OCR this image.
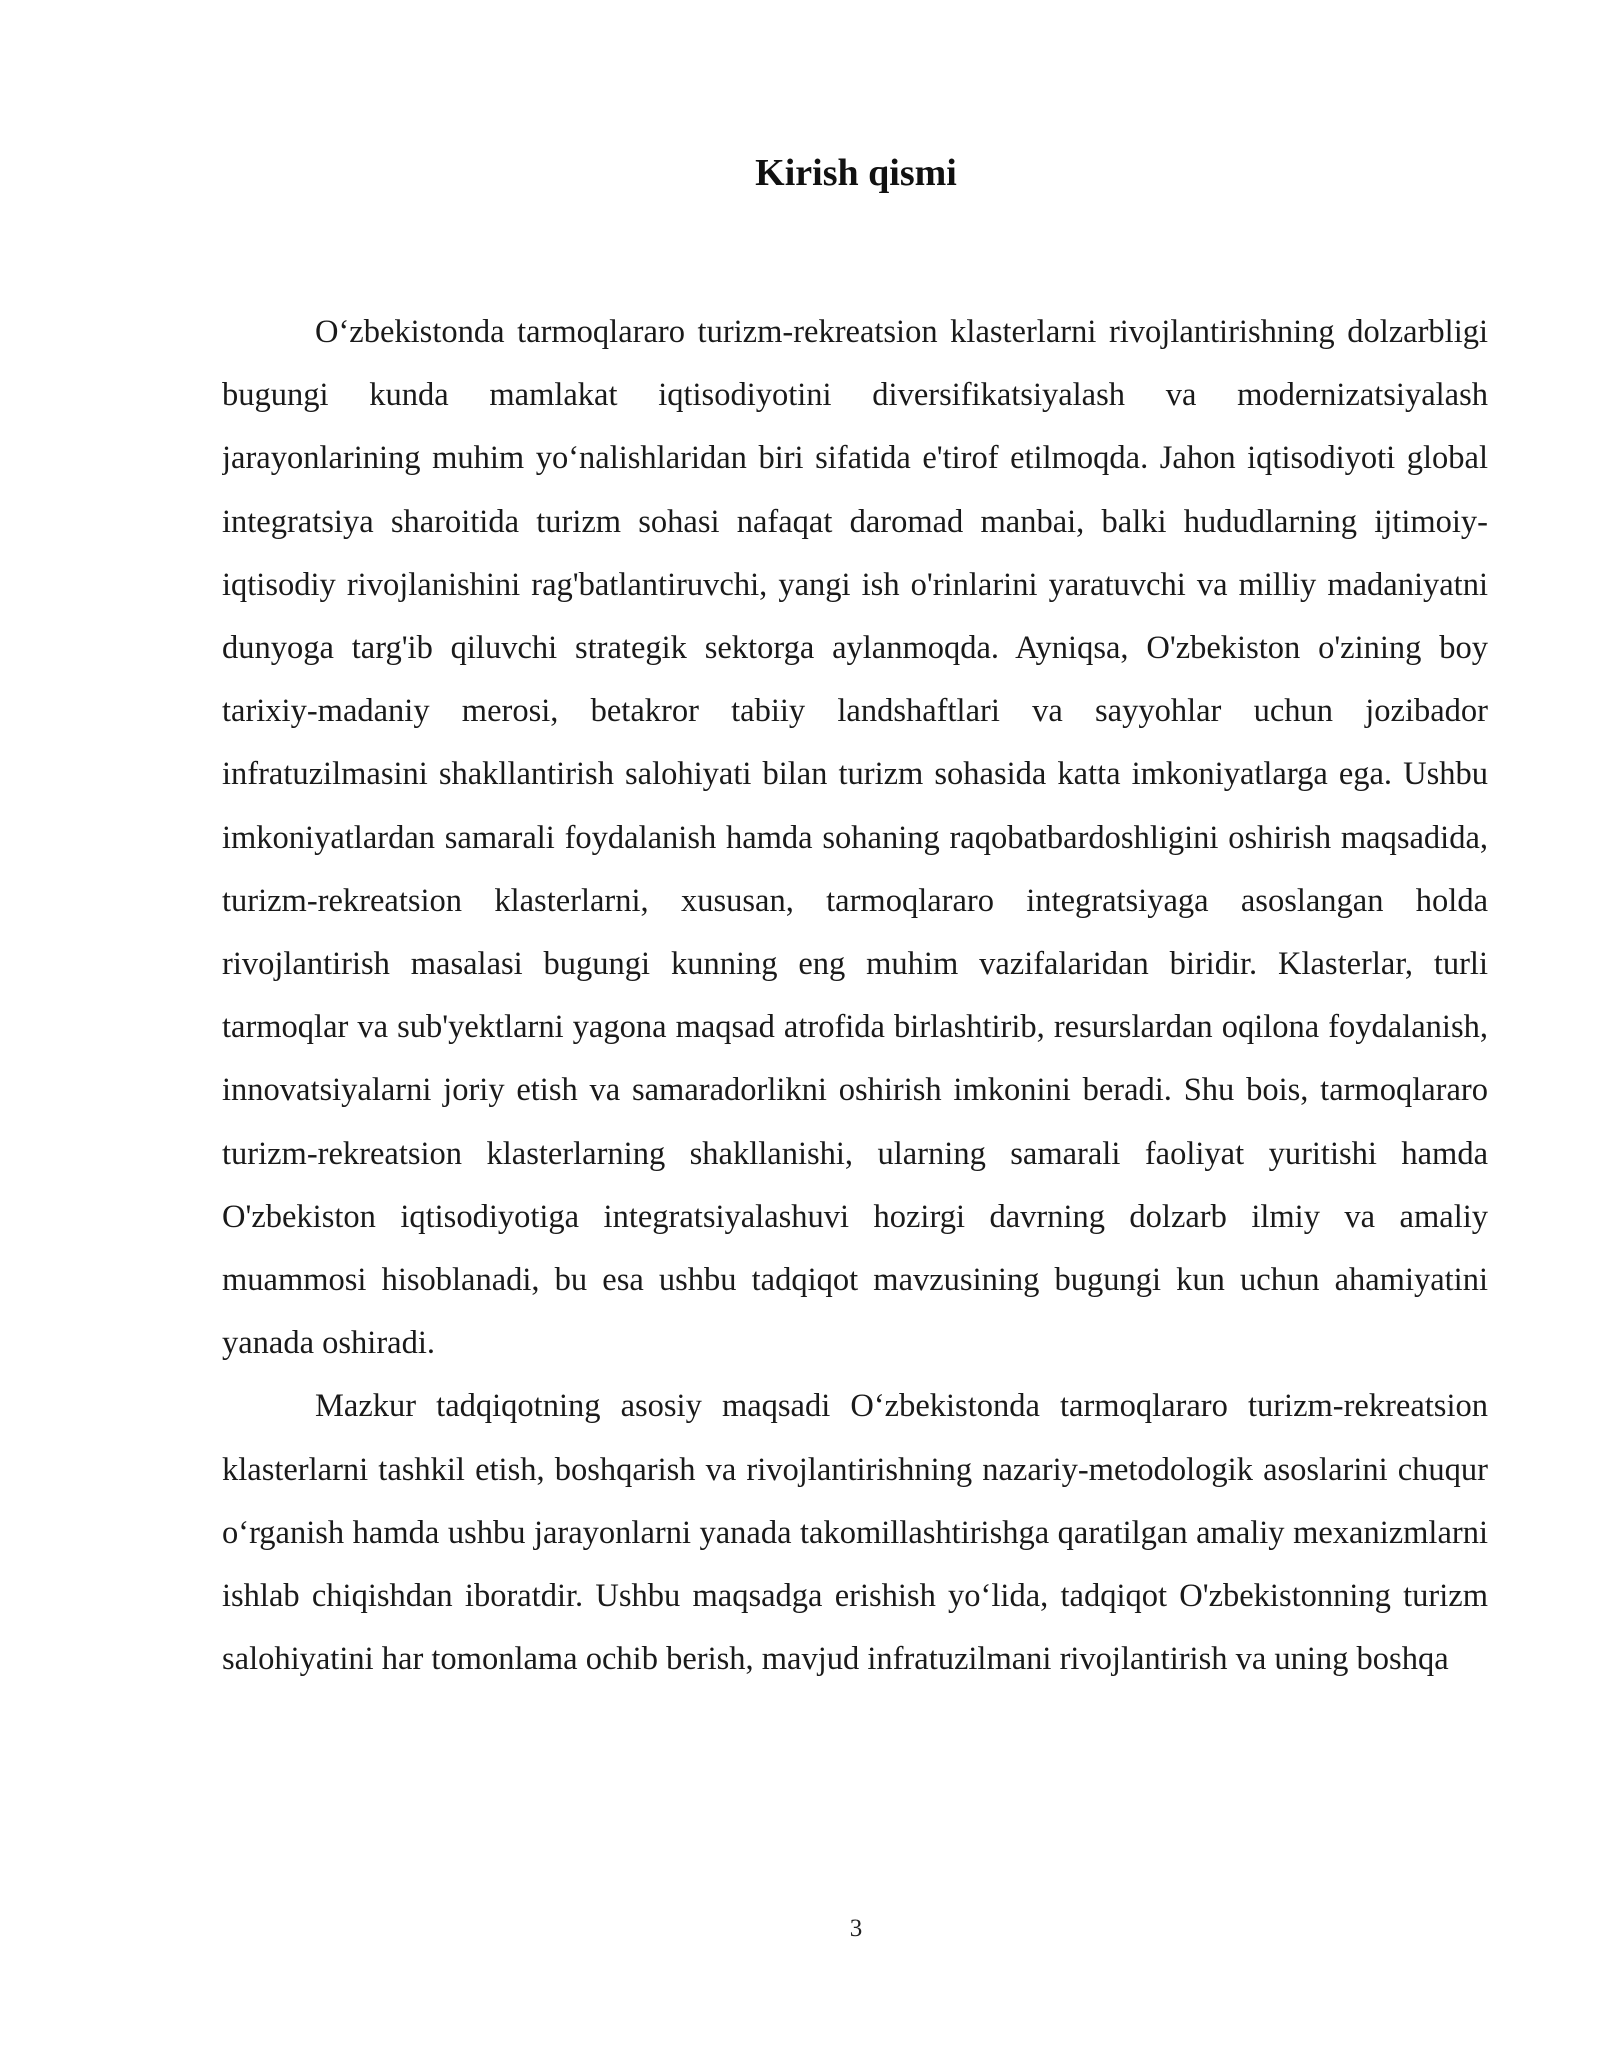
Kirish qismi

O‘zbekistonda tarmoqlararo turizm-rekreatsion klasterlarni rivojlantirishning dolzarbligi bugungi kunda mamlakat iqtisodiyotini diversifikatsiyalash va modernizatsiyalash jarayonlarining muhim yo‘nalishlaridan biri sifatida e'tirof etilmoqda. Jahon iqtisodiyoti global integratsiya sharoitida turizm sohasi nafaqat daromad manbai, balki hududlarning ijtimoiy-iqtisodiy rivojlanishini rag'batlantiruvchi, yangi ish o'rinlarini yaratuvchi va milliy madaniyatni dunyoga targ'ib qiluvchi strategik sektorga aylanmoqda. Ayniqsa, O'zbekiston o'zining boy tarixiy-madaniy merosi, betakror tabiiy landshaftlari va sayyohlar uchun jozibador infratuzilmasini shakllantirish salohiyati bilan turizm sohasida katta imkoniyatlarga ega. Ushbu imkoniyatlardan samarali foydalanish hamda sohaning raqobatbardoshligini oshirish maqsadida, turizm-rekreatsion klasterlarni, xususan, tarmoqlararo integratsiyaga asoslangan holda rivojlantirish masalasi bugungi kunning eng muhim vazifalaridan biridir. Klasterlar, turli tarmoqlar va sub'yektlarni yagona maqsad atrofida birlashtirib, resurslardan oqilona foydalanish, innovatsiyalarni joriy etish va samaradorlikni oshirish imkonini beradi. Shu bois, tarmoqlararo turizm-rekreatsion klasterlarning shakllanishi, ularning samarali faoliyat yuritishi hamda O'zbekiston iqtisodiyotiga integratsiyalashuvi hozirgi davrning dolzarb ilmiy va amaliy muammosi hisoblanadi, bu esa ushbu tadqiqot mavzusining bugungi kun uchun ahamiyatini yanada oshiradi.

Mazkur tadqiqotning asosiy maqsadi O‘zbekistonda tarmoqlararo turizm-rekreatsion klasterlarni tashkil etish, boshqarish va rivojlantirishning nazariy-metodologik asoslarini chuqur o‘rganish hamda ushbu jarayonlarni yanada takomillashtirishga qaratilgan amaliy mexanizmlarni ishlab chiqishdan iboratdir. Ushbu maqsadga erishish yo‘lida, tadqiqot O'zbekistonning turizm salohiyatini har tomonlama ochib berish, mavjud infratuzilmani rivojlantirish va uning boshqa

3
